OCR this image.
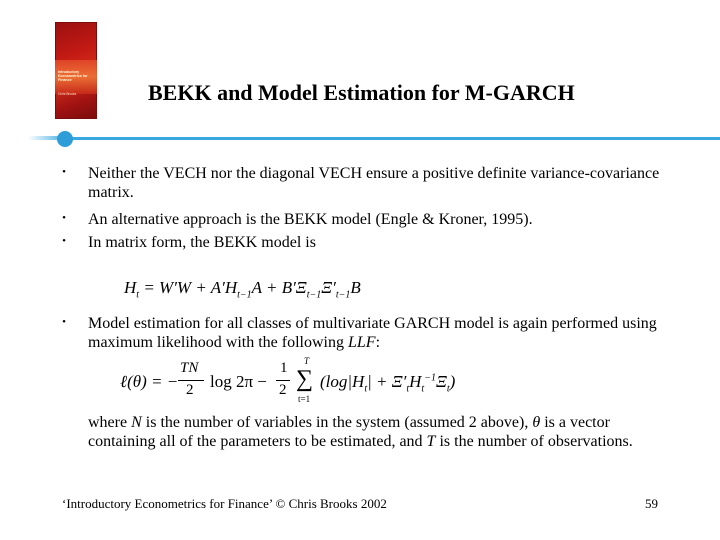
Introductory Econometrics for Finance
Chris Brooks	BEKK and Model Estimation for M-GARCH
• Neither the VECH nor the diagonal VECH ensure a positive definite variance-covariance matrix.
• An alternative approach is the BEKK model (Engle & Kroner, 1995).
• In matrix form, the BEKK model is
$H_t = W'W + A'H_{t-1}A + B'\Xi_{t-1}\Xi'_{t-1}B$
• Model estimation for all classes of multivariate GARCH model is again performed using maximum likelihood with the following LLF:
ℓ(θ) = −
TN
2 log 2π −
1
2
T
∑
t=1
$(\log|H_t| + \Xi'_tH_t^{-1}\Xi_t)$
where N is the number of variables in the system (assumed 2 above), θ is a vector containing all of the parameters to be estimated, and T is the number of observations.
‘Introductory Econometrics for Finance’ © Chris Brooks 2002	59
